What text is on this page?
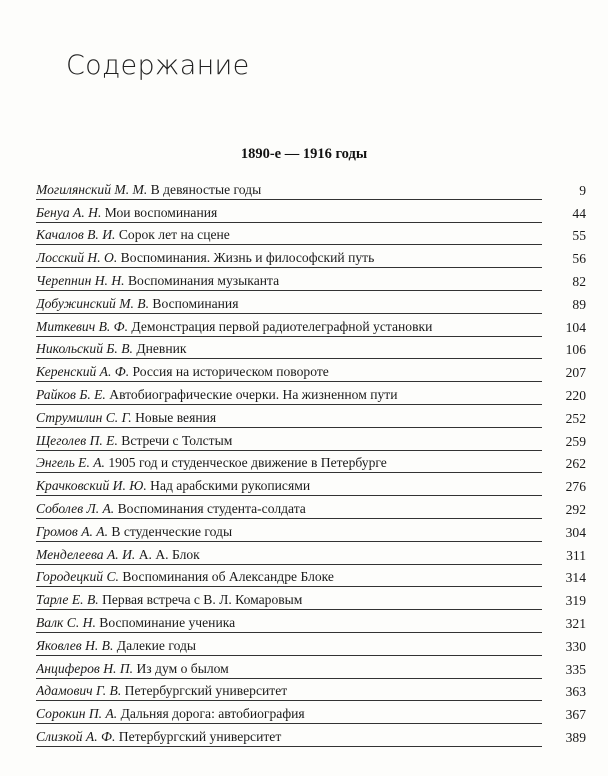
Содержание
1890-е — 1916 годы
Могилянский М. М. В девяностые годы	9
Бенуа А. Н. Мои воспоминания	44
Качалов В. И. Сорок лет на сцене	55
Лосский Н. О. Воспоминания. Жизнь и философский путь	56
Черепнин Н. Н. Воспоминания музыканта	82
Добужинский М. В. Воспоминания	89
Миткевич В. Ф. Демонстрация первой радиотелеграфной установки	104
Никольский Б. В. Дневник	106
Керенский А. Ф. Россия на историческом повороте	207
Райков Б. Е. Автобиографические очерки. На жизненном пути	220
Струмилин С. Г. Новые веяния	252
Щеголев П. Е. Встречи с Толстым	259
Энгель Е. А. 1905 год и студенческое движение в Петербурге	262
Крачковский И. Ю. Над арабскими рукописями	276
Соболев Л. А. Воспоминания студента-солдата	292
Громов А. А. В студенческие годы	304
Менделеева А. И. А. А. Блок	311
Городецкий С. Воспоминания об Александре Блоке	314
Тарле Е. В. Первая встреча с В. Л. Комаровым	319
Валк С. Н. Воспоминание ученика	321
Яковлев Н. В. Далекие годы	330
Анциферов Н. П. Из дум о былом	335
Адамович Г. В. Петербургский университет	363
Сорокин П. А. Дальняя дорога: автобиография	367
Слизкой А. Ф. Петербургский университет	389
